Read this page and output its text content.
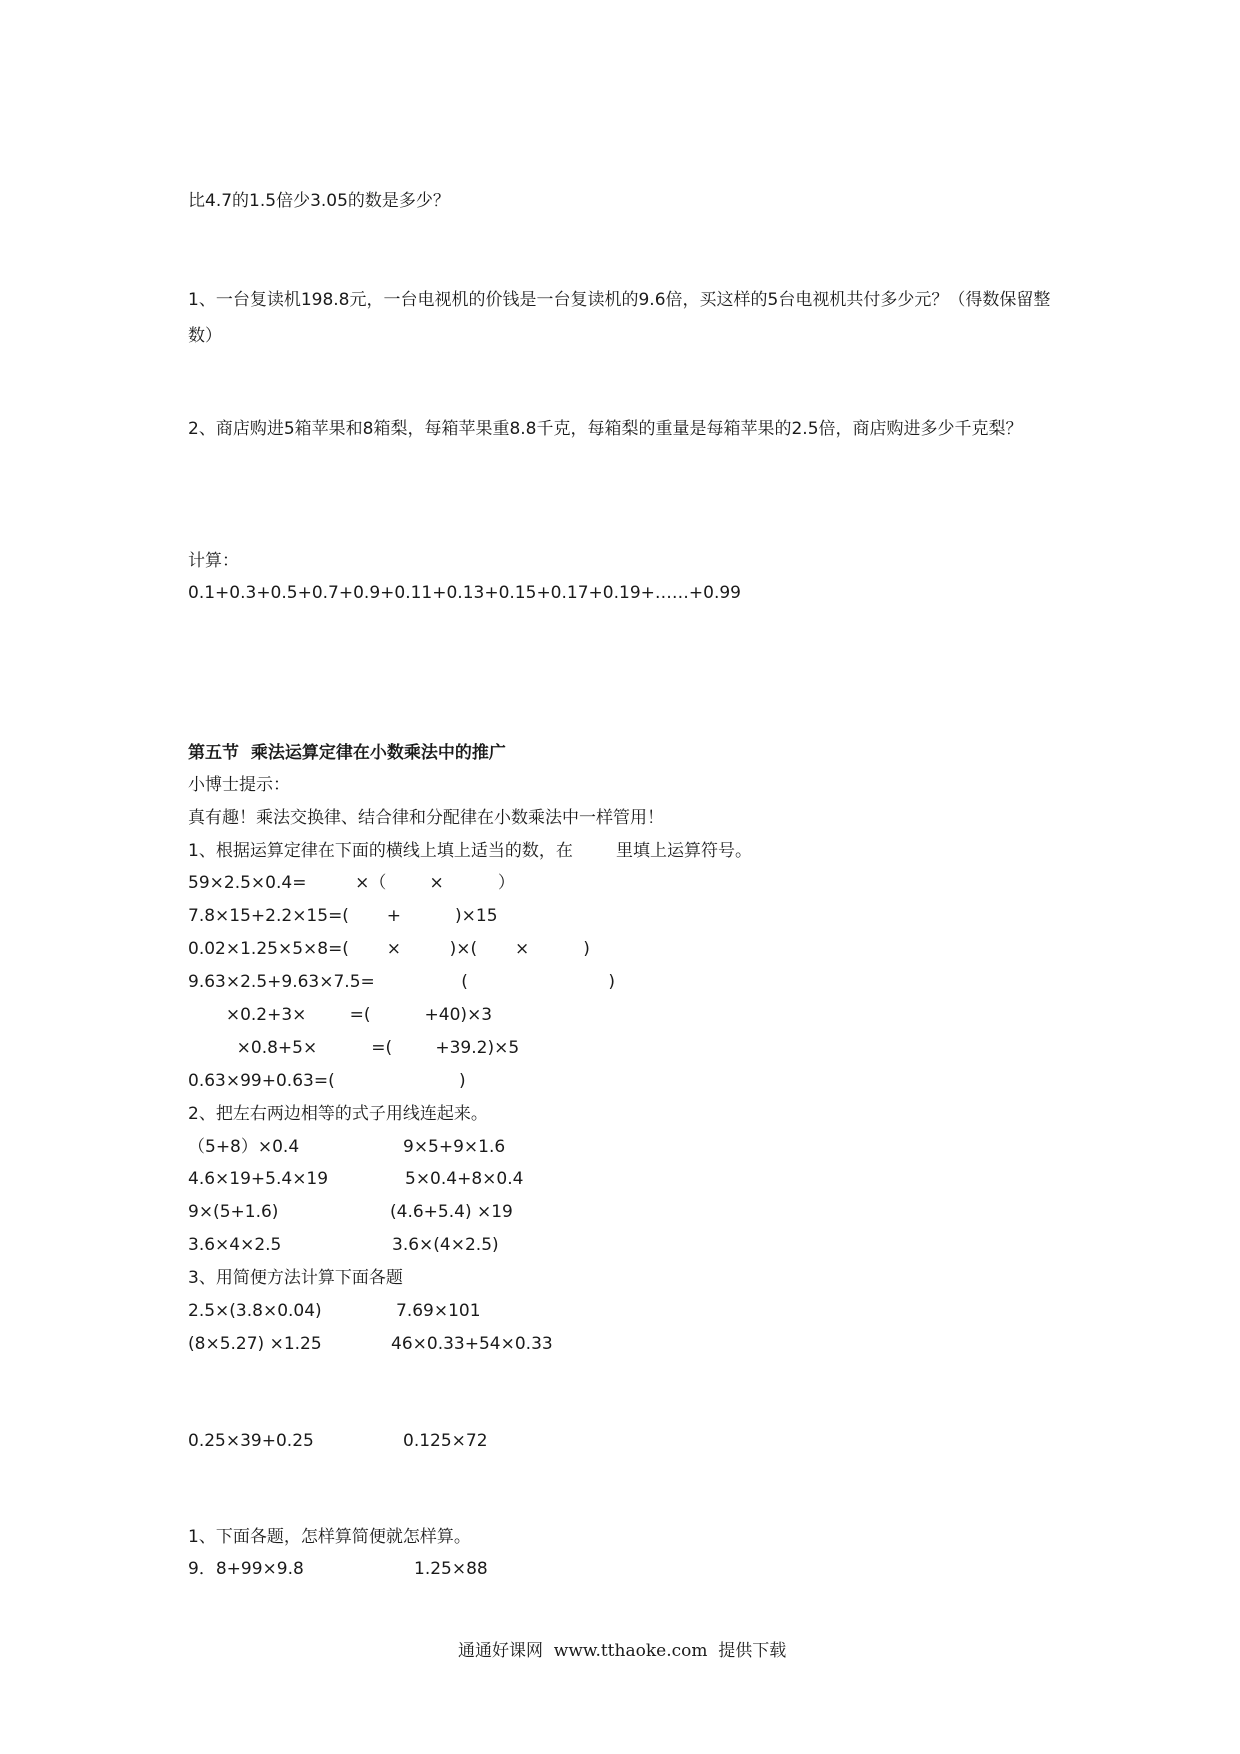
比4.7的1.5倍少3.05的数是多少？
1、一台复读机198.8元，一台电视机的价钱是一台复读机的9.6倍，买这样的5台电视机共付多少元？（得数保留整数）
2、商店购进5箱苹果和8箱梨，每箱苹果重8.8千克，每箱梨的重量是每箱苹果的2.5倍，商店购进多少千克梨？
计算：
0.1+0.3+0.5+0.7+0.9+0.11+0.13+0.15+0.17+0.19+……+0.99
第五节  乘法运算定律在小数乘法中的推广
小博士提示：
真有趣！乘法交换律、结合律和分配律在小数乘法中一样管用！
1、根据运算定律在下面的横线上填上适当的数，在        里填上运算符号。
59×2.5×0.4=         ×（        ×          ）
7.8×15+2.2×15=(       +          )×15
0.02×1.25×5×8=(       ×         )×(       ×          )
9.63×2.5+9.63×7.5=                (                          )
×0.2+3×        =(          +40)×3
×0.8+5×          =(        +39.2)×5
0.63×99+0.63=(                       )
2、把左右两边相等的式子用线连起来。
（5+8）×0.4	9×5+9×1.6
4.6×19+5.4×19	5×0.4+8×0.4
9×(5+1.6)	(4.6+5.4) ×19
3.6×4×2.5	3.6×(4×2.5)
3、用简便方法计算下面各题
2.5×(3.8×0.04)	7.69×101
(8×5.27) ×1.25	46×0.33+54×0.33
0.25×39+0.25	0.125×72
1、下面各题，怎样算简便就怎样算。
9．8+99×9.8	1.25×88
通通好课网  www.tthaoke.com  提供下载
